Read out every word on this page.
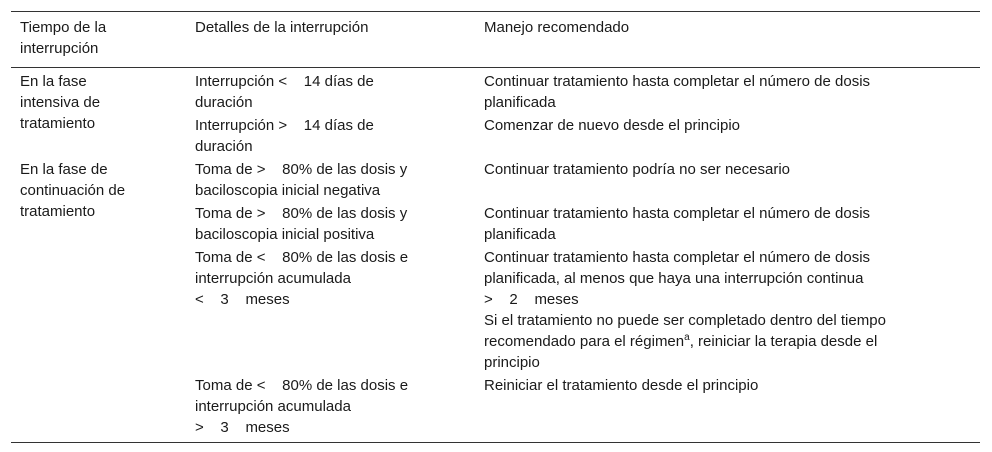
Tiempo de la
interrupción
Detalles de la interrupción	Manejo recomendado
En la fase
intensiva de
tratamiento
En la fase de
continuación de
tratamiento
Interrupción <    14 días de
duración
Continuar tratamiento hasta completar el número de dosis
planificada
Interrupción >    14 días de
duración
Comenzar de nuevo desde el principio
Toma de >    80% de las dosis y
baciloscopia inicial negativa
Continuar tratamiento podría no ser necesario
Toma de >    80% de las dosis y
baciloscopia inicial positiva
Continuar tratamiento hasta completar el número de dosis
planificada
Toma de <    80% de las dosis e
interrupción acumulada
<    3    meses
Continuar tratamiento hasta completar el número de dosis
planificada, al menos que haya una interrupción continua
>    2    meses
Si el tratamiento no puede ser completado dentro del tiempo
recomendado para el régimen$^a$, reiniciar la terapia desde el
principio
Toma de <    80% de las dosis e
interrupción acumulada
>    3    meses
Reiniciar el tratamiento desde el principio
